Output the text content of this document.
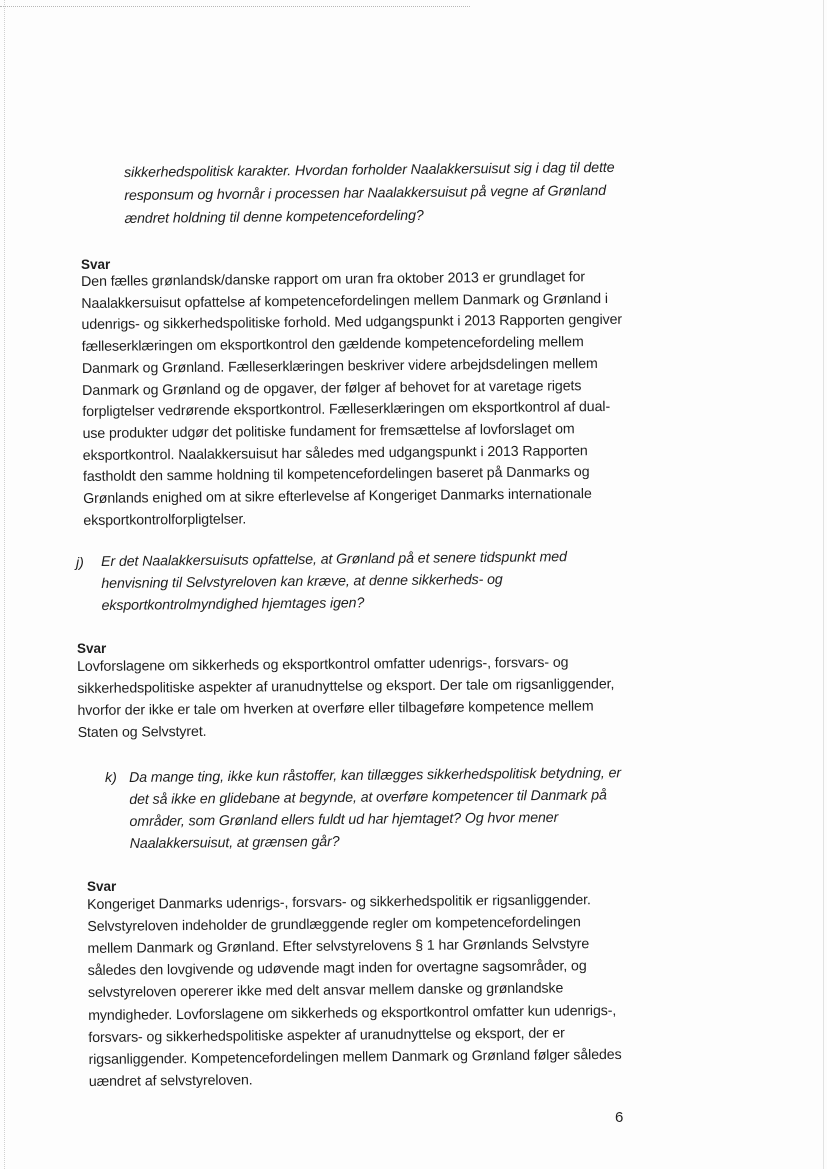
sikkerhedspolitisk karakter. Hvordan forholder Naalakkersuisut sig i dag til dette
responsum og hvornår i processen har Naalakkersuisut på vegne af Grønland
ændret holdning til denne kompetencefordeling?
Svar
Den fælles grønlandsk/danske rapport om uran fra oktober 2013 er grundlaget for
Naalakkersuisut opfattelse af kompetencefordelingen mellem Danmark og Grønland i
udenrigs- og sikkerhedspolitiske forhold. Med udgangspunkt i 2013 Rapporten gengiver
fælleserklæringen om eksportkontrol den gældende kompetencefordeling mellem
Danmark og Grønland. Fælleserklæringen beskriver videre arbejdsdelingen mellem
Danmark og Grønland og de opgaver, der følger af behovet for at varetage rigets
forpligtelser vedrørende eksportkontrol. Fælleserklæringen om eksportkontrol af dual-
use produkter udgør det politiske fundament for fremsættelse af lovforslaget om
eksportkontrol. Naalakkersuisut har således med udgangspunkt i 2013 Rapporten
fastholdt den samme holdning til kompetencefordelingen baseret på Danmarks og
Grønlands enighed om at sikre efterlevelse af Kongeriget Danmarks internationale
eksportkontrolforpligtelser.
j) Er det Naalakkersuisuts opfattelse, at Grønland på et senere tidspunkt med
henvisning til Selvstyreloven kan kræve, at denne sikkerheds- og
eksportkontrolmyndighed hjemtages igen?
Svar
Lovforslagene om sikkerheds og eksportkontrol omfatter udenrigs-, forsvars- og
sikkerhedspolitiske aspekter af uranudnyttelse og eksport. Der tale om rigsanliggender,
hvorfor der ikke er tale om hverken at overføre eller tilbageføre kompetence mellem
Staten og Selvstyret.
k) Da mange ting, ikke kun råstoffer, kan tillægges sikkerhedspolitisk betydning, er
det så ikke en glidebane at begynde, at overføre kompetencer til Danmark på
områder, som Grønland ellers fuldt ud har hjemtaget? Og hvor mener
Naalakkersuisut, at grænsen går?
Svar
Kongeriget Danmarks udenrigs-, forsvars- og sikkerhedspolitik er rigsanliggender.
Selvstyreloven indeholder de grundlæggende regler om kompetencefordelingen
mellem Danmark og Grønland. Efter selvstyrelovens § 1 har Grønlands Selvstyre
således den lovgivende og udøvende magt inden for overtagne sagsområder, og
selvstyreloven opererer ikke med delt ansvar mellem danske og grønlandske
myndigheder. Lovforslagene om sikkerheds og eksportkontrol omfatter kun udenrigs-,
forsvars- og sikkerhedspolitiske aspekter af uranudnyttelse og eksport, der er
rigsanliggender. Kompetencefordelingen mellem Danmark og Grønland følger således
uændret af selvstyreloven.
6
